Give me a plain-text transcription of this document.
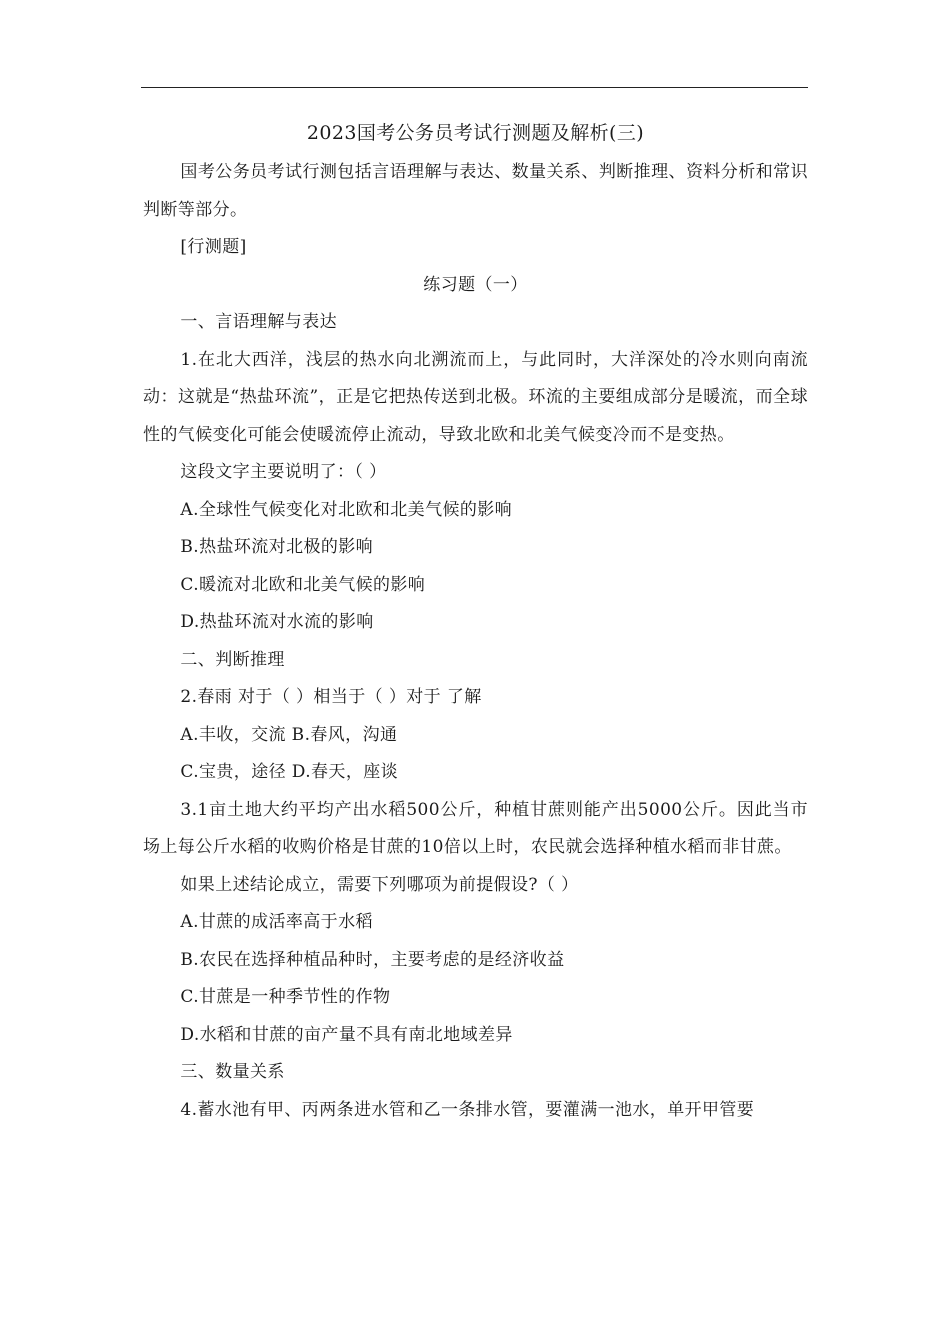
2023国考公务员考试行测题及解析(三)

国考公务员考试行测包括言语理解与表达、数量关系、判断推理、资料分析和常识判断等部分。

[行测题]

练习题（一）

一、言语理解与表达

1.在北大西洋，浅层的热水向北溯流而上，与此同时，大洋深处的冷水则向南流动：这就是“热盐环流”，正是它把热传送到北极。环流的主要组成部分是暖流，而全球性的气候变化可能会使暖流停止流动，导致北欧和北美气候变冷而不是变热。

这段文字主要说明了：（ ）

A.全球性气候变化对北欧和北美气候的影响

B.热盐环流对北极的影响

C.暖流对北欧和北美气候的影响

D.热盐环流对水流的影响

二、判断推理

2.春雨 对于（ ）相当于（ ）对于 了解

A.丰收，交流 B.春风，沟通

C.宝贵，途径 D.春天，座谈

3.1亩土地大约平均产出水稻500公斤，种植甘蔗则能产出5000公斤。因此当市场上每公斤水稻的收购价格是甘蔗的10倍以上时，农民就会选择种植水稻而非甘蔗。

如果上述结论成立，需要下列哪项为前提假设?（ ）

A.甘蔗的成活率高于水稻

B.农民在选择种植品种时，主要考虑的是经济收益

C.甘蔗是一种季节性的作物

D.水稻和甘蔗的亩产量不具有南北地域差异

三、数量关系

4.蓄水池有甲、丙两条进水管和乙一条排水管，要灌满一池水，单开甲管要
